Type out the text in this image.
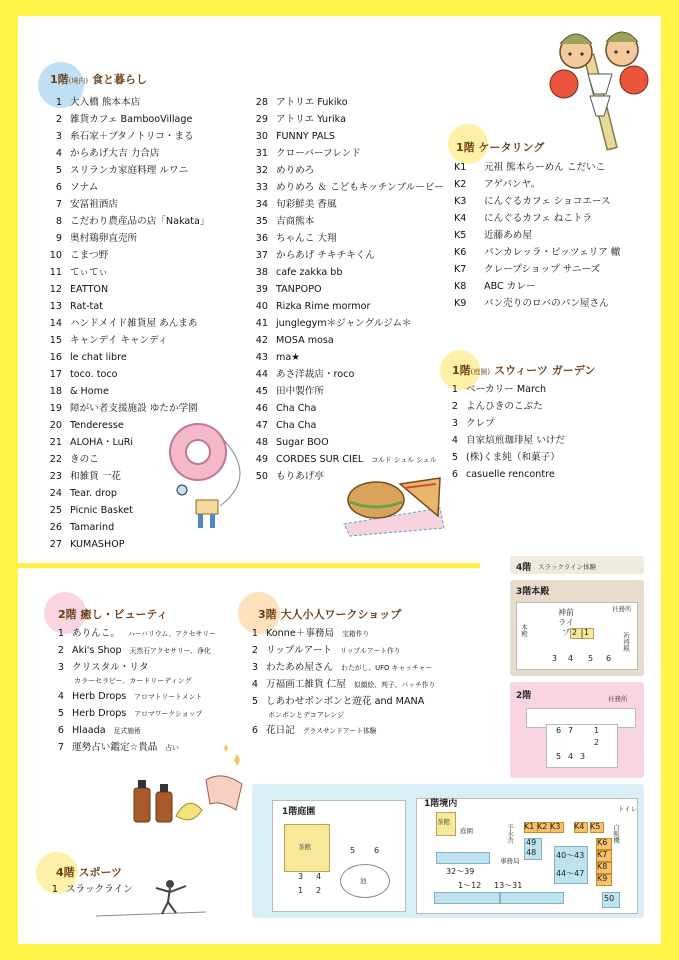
1階(境内) 食と暮らし
1 大入橋 熊本本店
2 雑貨カフェ BambooVillage
3 糸石家＋ブタノトリコ・まる
4 からあげ大吉 力合店
5 スリランカ家庭料理 ルワニ
6 ソナム
7 安冨祖酒店
8 こだわり農産品の店「Nakata」
9 奥村鶏卵直売所
10 こまつ野
11 てぃてぃ
12 EATTON
13 Rat-tat
14 ハンドメイド雑貨屋 あんまあ
15 キャンデイ キャンディ
16 le chat libre
17 toco. toco
18 & Home
19 障がい者支援施設 ゆたか学園
20 Tenderesse
21 ALOHA・LuRi
22 きのこ
23 和雑貨 一花
24 Tear. drop
25 Picnic Basket
26 Tamarind
27 KUMASHOP
28 アトリエ Fukiko
29 アトリエ Yurika
30 FUNNY PALS
31 クローバーフレンド
32 めりめろ
33 めりめろ ＆ こどもキッチンブルービー
34 旬彩鮮美 香風
35 吉商熊本
36 ちゃんこ 大翔
37 からあげ チキチキくん
38 cafe zakka bb
39 TANPOPO
40 Rizka Rime mormor
41 junglegym＊ジャングルジム＊
42 MOSA mosa
43 ma★
44 あさ洋裁店・roco
45 田中製作所
46 Cha Cha
47 Cha Cha
48 Sugar BOO
49 CORDES SUR CIEL コルド シュル シェル
50 もりあげ亭
1階 ケータリング
K1 元祖 熊本らーめん こだいこ
K2 アゲパンヤ。
K3 にんぐるカフェ ショコエース
K4 にんぐるカフェ ねこトラ
K5 近藤あめ屋
K6 パンカレッラ・ピッツェリア 轍
K7 クレープショップ サニーズ
K8 ABC カレー
K9 パン売りのロバのパン屋さん
1階(庭園) スウィーツ ガーデン
1 ベーカリー March
2 よんひきのこぶた
3 クレプ
4 自家焙煎珈琲屋 いけだ
5 (株)くま純（和菓子）
6 casuelle rencontre
2階 癒し・ビューティ
1 ありんこ。 ハーバリウム、アクセサリー
2 Aki's Shop 天然石アクセサリー、浄化
3 クリスタル・リタ
カラーセラピー、カードリーディング
4 Herb Drops アロマトリートメント
5 Herb Drops アロマワークショップ
6 Hlaada 足式施術
7 運勢占い鑑定☆貴晶 占い
3階 大人小人ワークショップ
1 Konne＋事務局 宝箱作り
2 リップルアート リップルアート作り
3 わたあめ屋さん わたがし、UFO キャッチャー
4 万福画工雑貨 仁屋 似顔絵、判子、バッチ作り
5 しあわせボンボンと遊花 and MANA
ボンボンとデコアレンジ
6 花日記 グラスサンドアート体験
4階 スポーツ
1 スラックライン
4階 スラックライン体験
3階本殿
本殿
神前ライブ
社務所
祈祷殿
2 1
3 4 5 6
2階	社務所
6 7	1
2
5 4 3
1階庭園
茶館
池
5 6
3 4
1 2
1階境内
茶館
庭園	手水舎
事務局
トイレ
自販機
K1 K2 K3 K4 K5
K6
K7
K8
K9
49
48
32〜39
1〜12 13〜31
40〜43
44〜47
50
